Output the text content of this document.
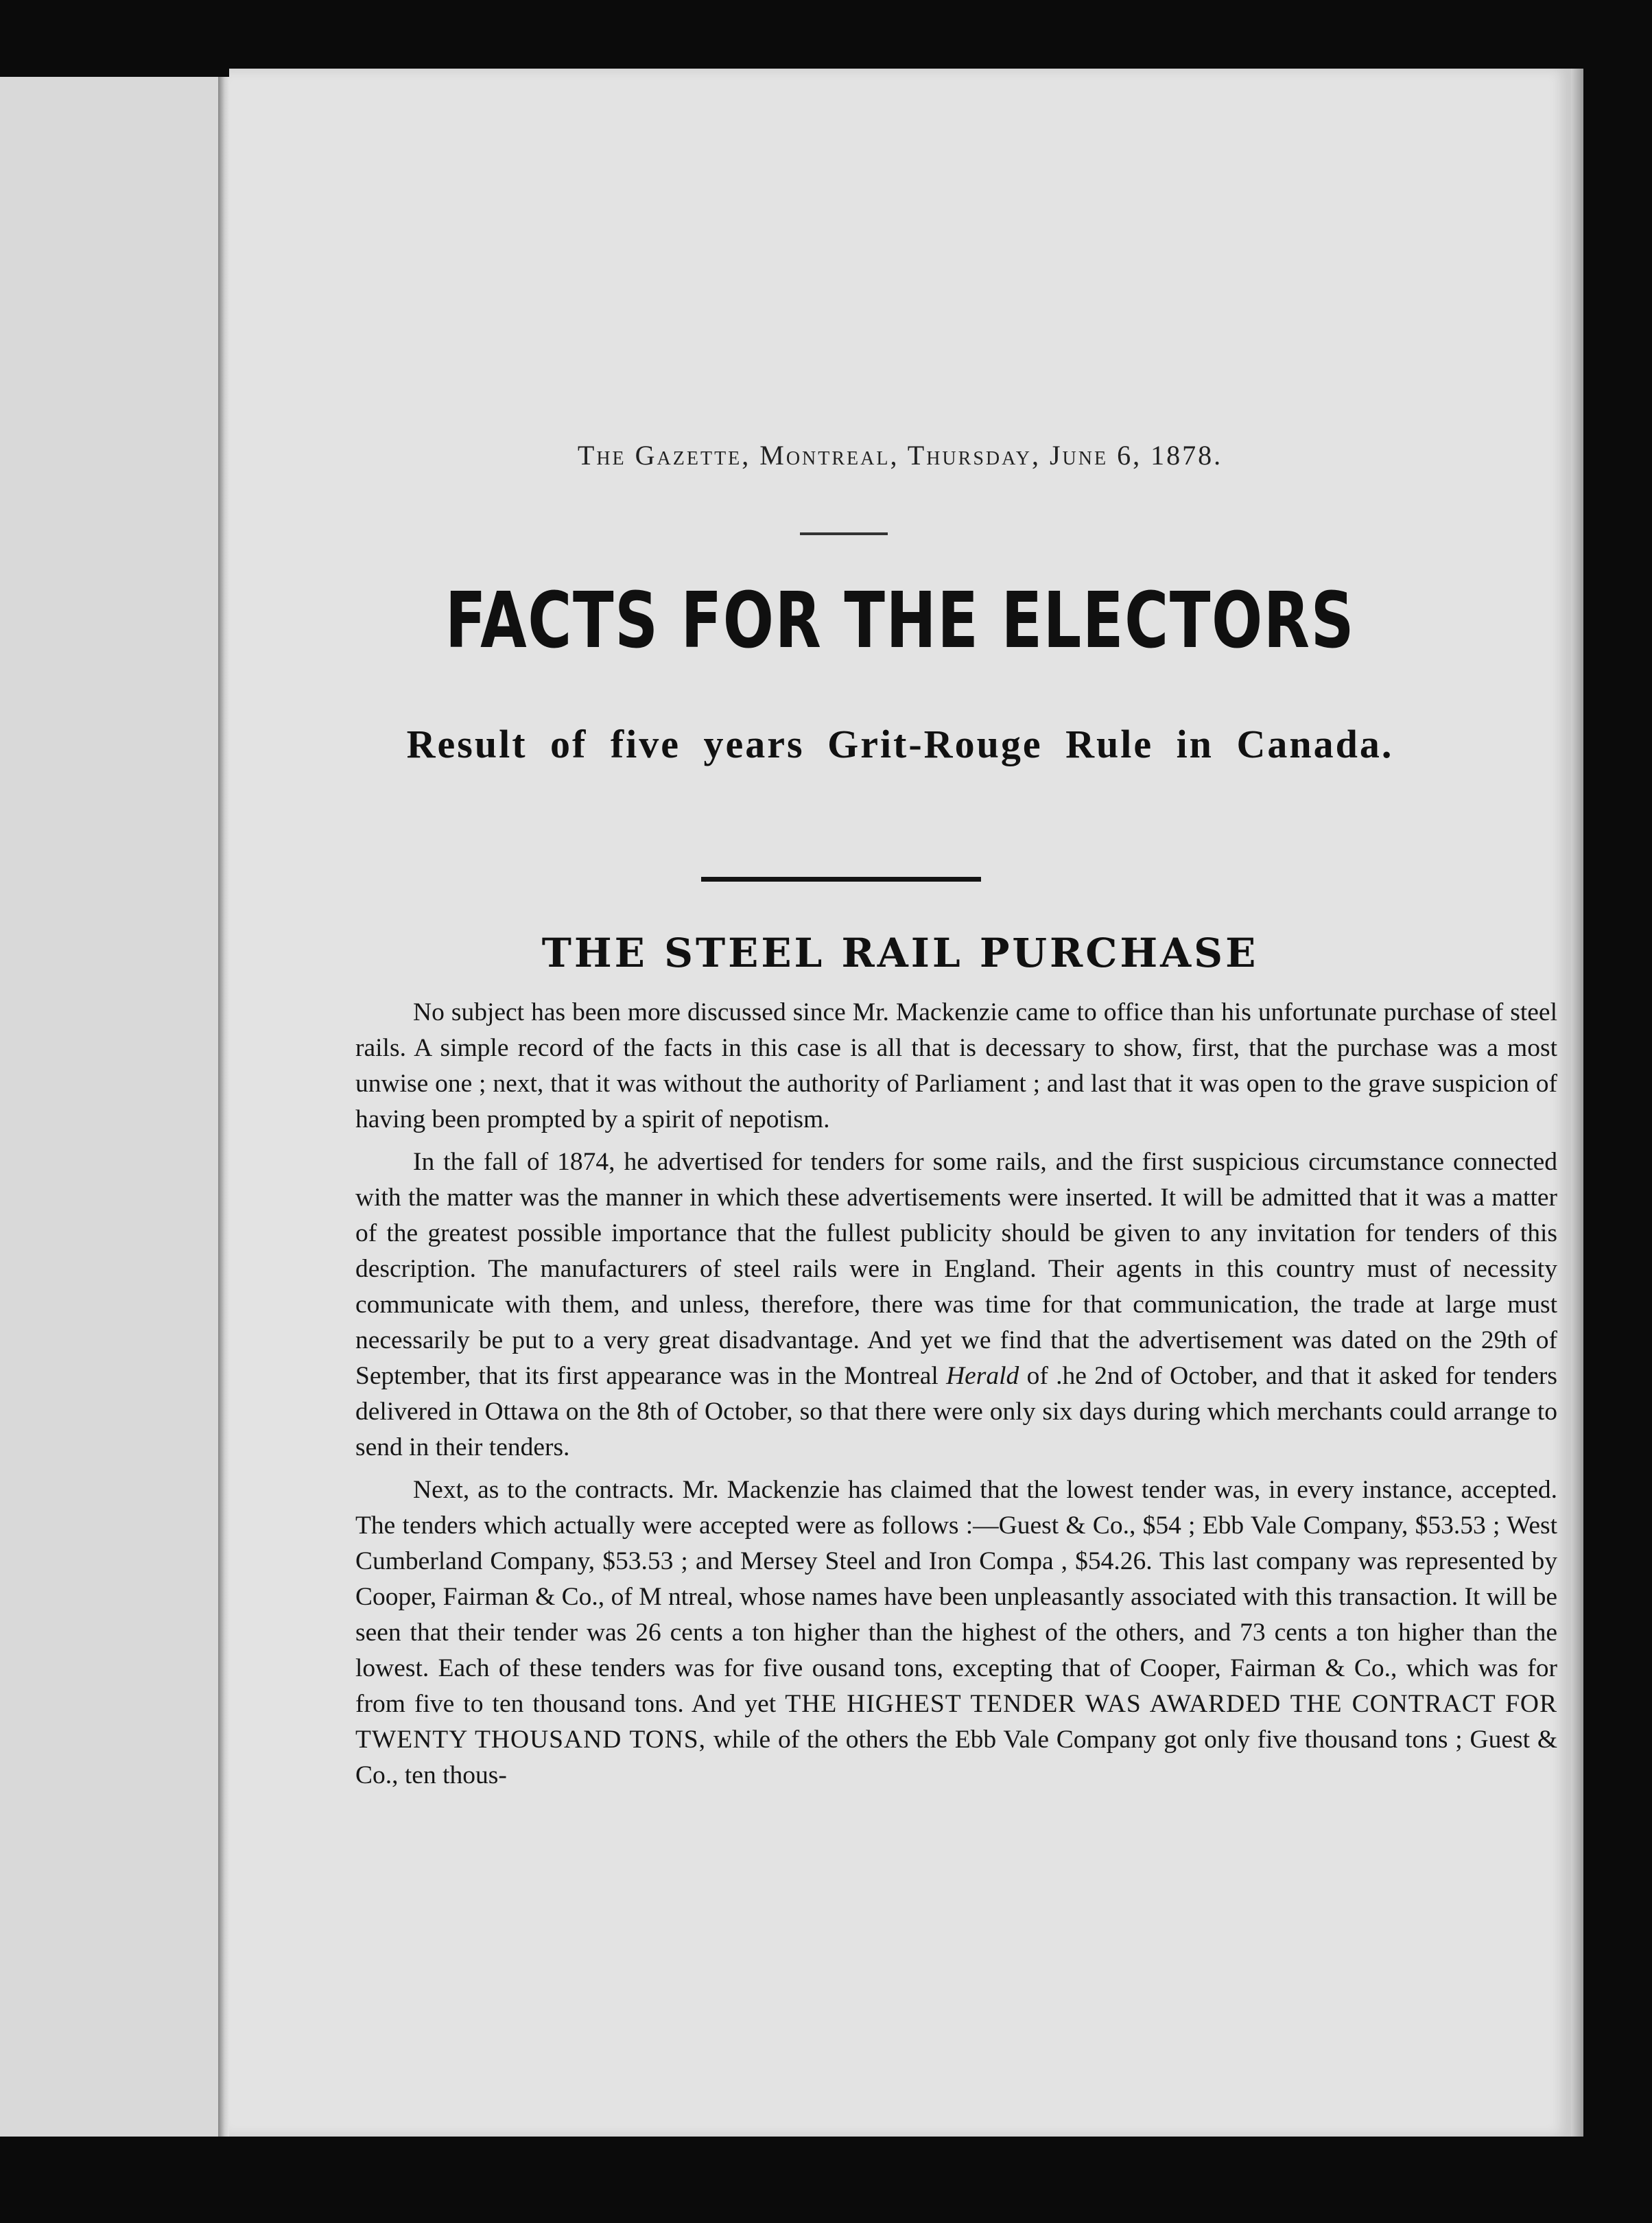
The Gazette, Montreal, Thursday, June 6, 1878.
FACTS FOR THE ELECTORS
Result of five years Grit-Rouge Rule in Canada.
THE STEEL RAIL PURCHASE

No subject has been more discussed since Mr. Mackenzie came to office than his unfortunate purchase of steel rails. A simple record of the facts in this case is all that is decessary to show, first, that the purchase was a most unwise one ; next, that it was without the authority of Parliament ; and last that it was open to the grave suspicion of having been prompted by a spirit of nepotism.

In the fall of 1874, he advertised for tenders for some rails, and the first suspicious circumstance connected with the matter was the manner in which these advertisements were inserted. It will be admitted that it was a matter of the greatest possible importance that the fullest publicity should be given to any invitation for tenders of this description. The manufacturers of steel rails were in England. Their agents in this country must of necessity communicate with them, and unless, therefore, there was time for that communication, the trade at large must necessarily be put to a very great disadvantage. And yet we find that the advertisement was dated on the 29th of September, that its first appearance was in the Montreal Herald of .he 2nd of October, and that it asked for tenders delivered in Ottawa on the 8th of October, so that there were only six days during which merchants could arrange to send in their tenders.

Next, as to the contracts. Mr. Mackenzie has claimed that the lowest tender was, in every instance, accepted. The tenders which actually were accepted were as follows :—Guest & Co., $54 ; Ebb Vale Company, $53.53 ; West Cumberland Company, $53.53 ; and Mersey Steel and Iron Compa , $54.26. This last company was represented by Cooper, Fairman & Co., of M ntreal, whose names have been unpleasantly associated with this transaction. It will be seen that their tender was 26 cents a ton higher than the highest of the others, and 73 cents a ton higher than the lowest. Each of these tenders was for five ousand tons, excepting that of Cooper, Fairman & Co., which was for from five to ten thousand tons. And yet THE HIGHEST TENDER WAS AWARDED THE CONTRACT FOR TWENTY THOUSAND TONS, while of the others the Ebb Vale Company got only five thousand tons ; Guest & Co., ten thous-
